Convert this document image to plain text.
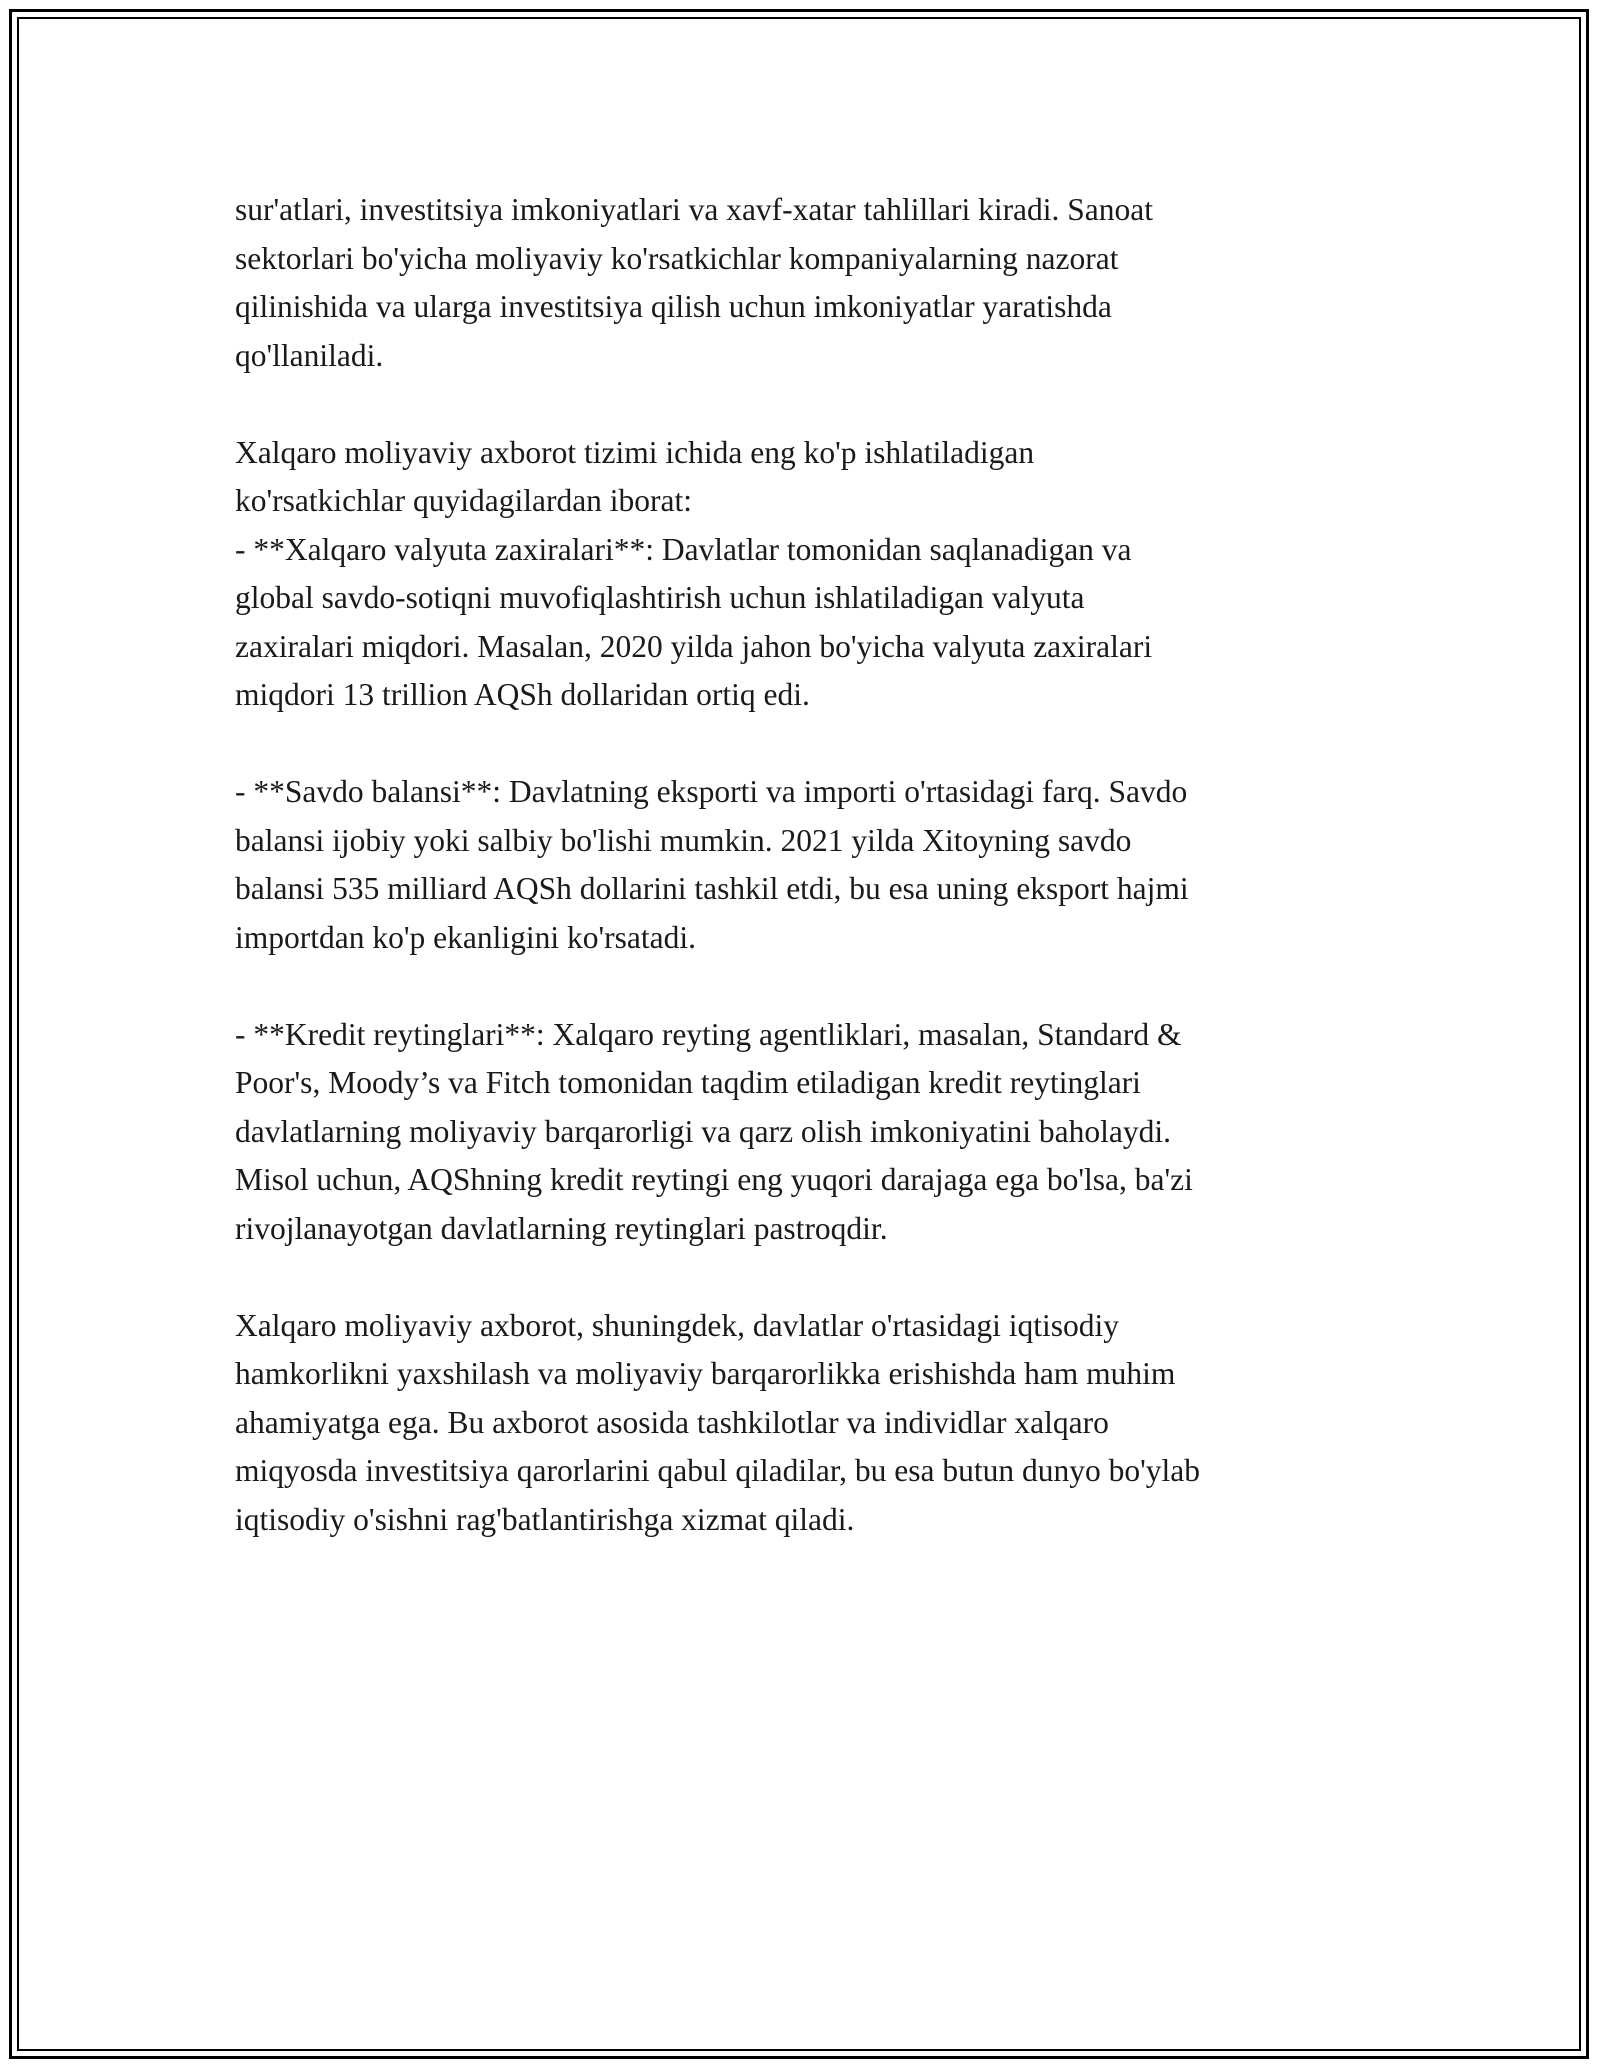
sur'atlari, investitsiya imkoniyatlari va xavf-xatar tahlillari kiradi. Sanoat
sektorlari bo'yicha moliyaviy ko'rsatkichlar kompaniyalarning nazorat
qilinishida va ularga investitsiya qilish uchun imkoniyatlar yaratishda
qo'llaniladi.

Xalqaro moliyaviy axborot tizimi ichida eng ko'p ishlatiladigan
ko'rsatkichlar quyidagilardan iborat:
- **Xalqaro valyuta zaxiralari**: Davlatlar tomonidan saqlanadigan va
global savdo-sotiqni muvofiqlashtirish uchun ishlatiladigan valyuta
zaxiralari miqdori. Masalan, 2020 yilda jahon bo'yicha valyuta zaxiralari
miqdori 13 trillion AQSh dollaridan ortiq edi.

- **Savdo balansi**: Davlatning eksporti va importi o'rtasidagi farq. Savdo
balansi ijobiy yoki salbiy bo'lishi mumkin. 2021 yilda Xitoyning savdo
balansi 535 milliard AQSh dollarini tashkil etdi, bu esa uning eksport hajmi
importdan ko'p ekanligini ko'rsatadi.

- **Kredit reytinglari**: Xalqaro reyting agentliklari, masalan, Standard &
Poor's, Moody’s va Fitch tomonidan taqdim etiladigan kredit reytinglari
davlatlarning moliyaviy barqarorligi va qarz olish imkoniyatini baholaydi.
Misol uchun, AQShning kredit reytingi eng yuqori darajaga ega bo'lsa, ba'zi
rivojlanayotgan davlatlarning reytinglari pastroqdir.

Xalqaro moliyaviy axborot, shuningdek, davlatlar o'rtasidagi iqtisodiy
hamkorlikni yaxshilash va moliyaviy barqarorlikka erishishda ham muhim
ahamiyatga ega. Bu axborot asosida tashkilotlar va individlar xalqaro
miqyosda investitsiya qarorlarini qabul qiladilar, bu esa butun dunyo bo'ylab
iqtisodiy o'sishni rag'batlantirishga xizmat qiladi.
